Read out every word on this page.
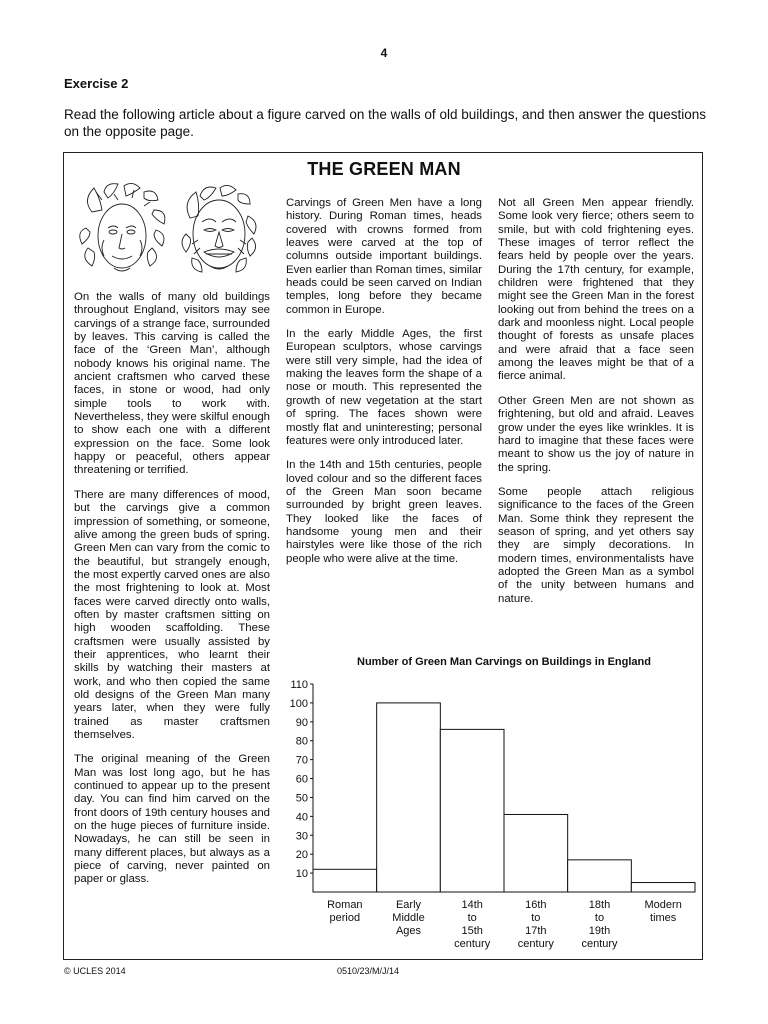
4
Exercise 2
Read the following article about a figure carved on the walls of old buildings, and then answer the questions on the opposite page.
THE GREEN MAN

On the walls of many old buildings throughout England, visitors may see carvings of a strange face, surrounded by leaves. This carving is called the face of the ‘Green Man’, although nobody knows his original name. The ancient craftsmen who carved these faces, in stone or wood, had only simple tools to work with. Nevertheless, they were skilful enough to show each one with a different expression on the face. Some look happy or peaceful, others appear threatening or terrified.

There are many differences of mood, but the carvings give a common impression of something, or someone, alive among the green buds of spring. Green Men can vary from the comic to the beautiful, but strangely enough, the most expertly carved ones are also the most frightening to look at. Most faces were carved directly onto walls, often by master craftsmen sitting on high wooden scaffolding. These craftsmen were usually assisted by their apprentices, who learnt their skills by watching their masters at work, and who then copied the same old designs of the Green Man many years later, when they were fully trained as master craftsmen themselves.

The original meaning of the Green Man was lost long ago, but he has continued to appear up to the present day. You can find him carved on the front doors of 19th century houses and on the huge pieces of furniture inside. Nowadays, he can still be seen in many different places, but always as a piece of carving, never painted on paper or glass.

Carvings of Green Men have a long history. During Roman times, heads covered with crowns formed from leaves were carved at the top of columns outside important buildings. Even earlier than Roman times, similar heads could be seen carved on Indian temples, long before they became common in Europe.

In the early Middle Ages, the first European sculptors, whose carvings were still very simple, had the idea of making the leaves form the shape of a nose or mouth. This represented the growth of new vegetation at the start of spring. The faces shown were mostly flat and uninteresting; personal features were only introduced later.

In the 14th and 15th centuries, people loved colour and so the different faces of the Green Man soon became surrounded by bright green leaves. They looked like the faces of handsome young men and their hairstyles were like those of the rich people who were alive at the time.

Not all Green Men appear friendly. Some look very fierce; others seem to smile, but with cold frightening eyes. These images of terror reflect the fears held by people over the years. During the 17th century, for example, children were frightened that they might see the Green Man in the forest looking out from behind the trees on a dark and moonless night. Local people thought of forests as unsafe places and were afraid that a face seen among the leaves might be that of a fierce animal.

Other Green Men are not shown as frightening, but old and afraid. Leaves grow under the eyes like wrinkles. It is hard to imagine that these faces were meant to show us the joy of nature in the spring.

Some people attach religious significance to the faces of the Green Man. Some think they represent the season of spring, and yet others say they are simply decorations. In modern times, environmentalists have adopted the Green Man as a symbol of the unity between humans and nature.

Number of Green Man Carvings on Buildings in England
10
20
30
40
50
60
70
80
90
100
110
Roman period
Early Middle Ages
14th to 15th century
16th to 17th century
18th to 19th century
Modern times
© UCLES 2014	0510/23/M/J/14
